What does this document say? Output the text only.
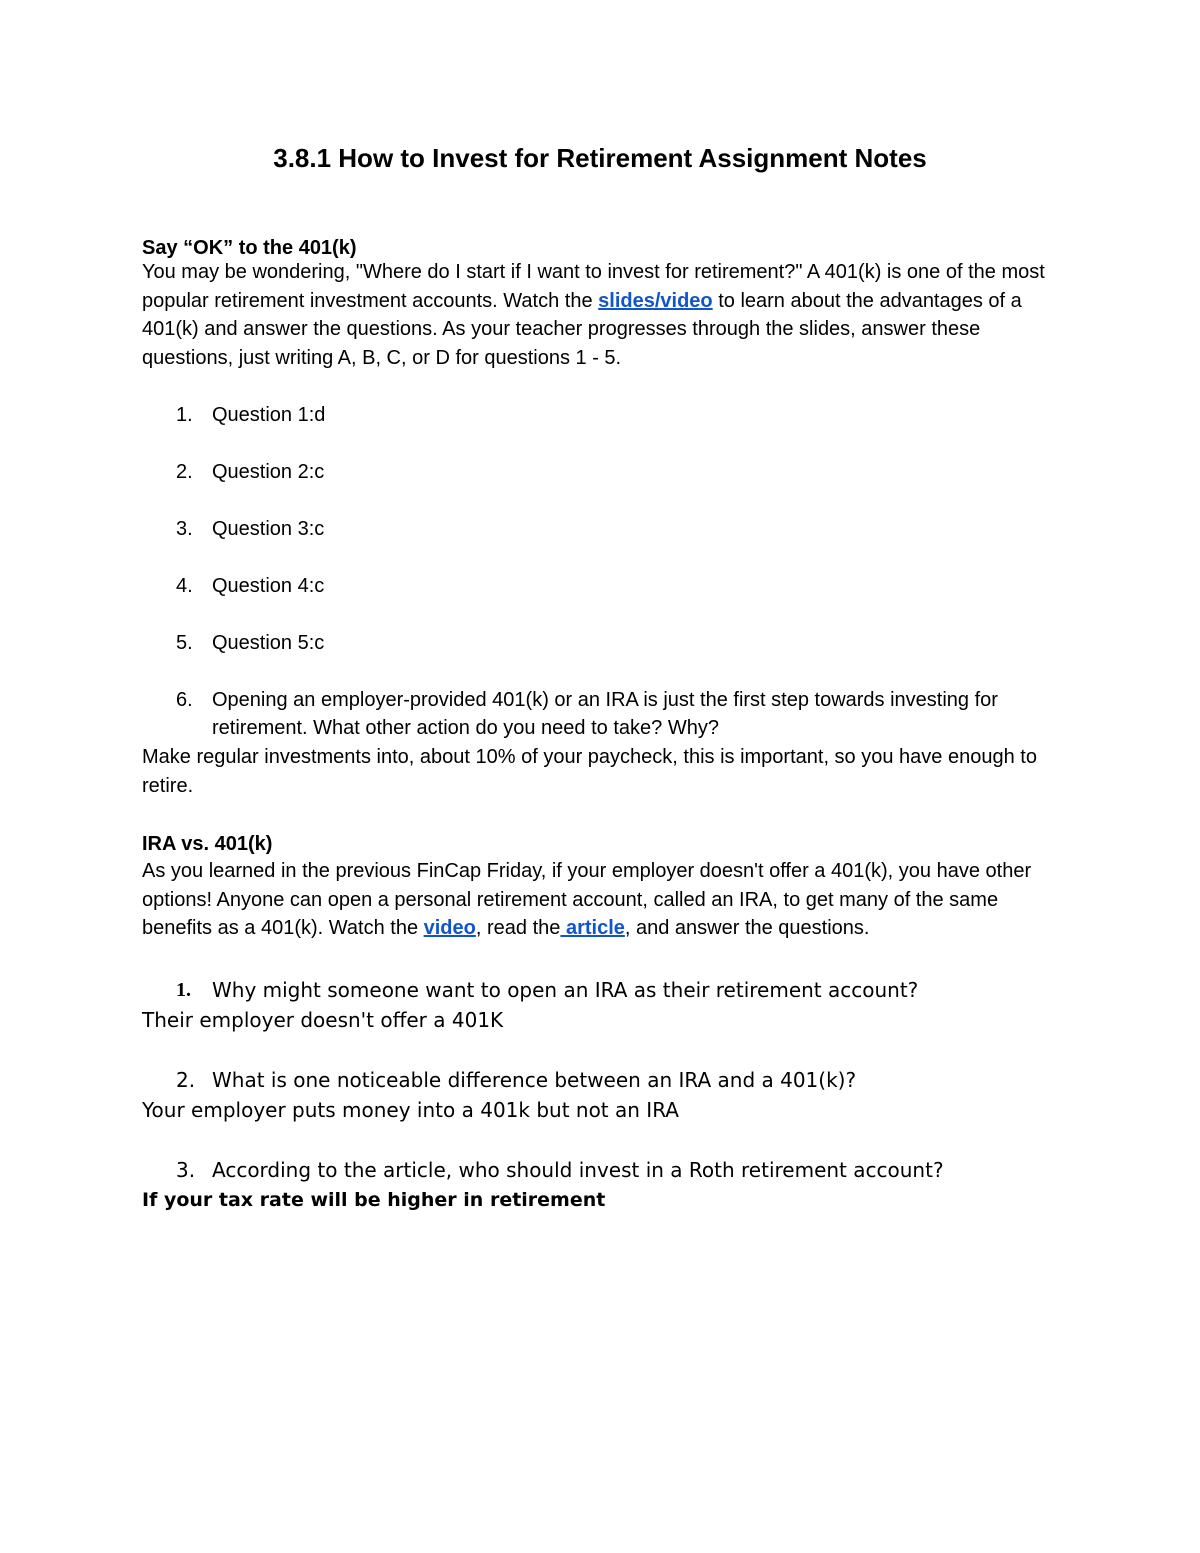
3.8.1 How to Invest for Retirement Assignment Notes
Say “OK” to the 401(k)
You may be wondering, "Where do I start if I want to invest for retirement?" A 401(k) is one of the most popular retirement investment accounts. Watch the slides/video to learn about the advantages of a 401(k) and answer the questions. As your teacher progresses through the slides, answer these questions, just writing A, B, C, or D for questions 1 - 5.
1. Question 1:d
2. Question 2:c
3. Question 3:c
4. Question 4:c
5. Question 5:c
6. Opening an employer-provided 401(k) or an IRA is just the first step towards investing for retirement. What other action do you need to take? Why?
Make regular investments into, about 10% of your paycheck, this is important, so you have enough to retire.
IRA vs. 401(k)
As you learned in the previous FinCap Friday, if your employer doesn't offer a 401(k), you have other options! Anyone can open a personal retirement account, called an IRA, to get many of the same benefits as a 401(k). Watch the video, read the article, and answer the questions.
1.	Why might someone want to open an IRA as their retirement account?
Their employer doesn't offer a 401K
2. What is one noticeable difference between an IRA and a 401(k)?
Your employer puts money into a 401k but not an IRA
3. According to the article, who should invest in a Roth retirement account?
If your tax rate will be higher in retirement
